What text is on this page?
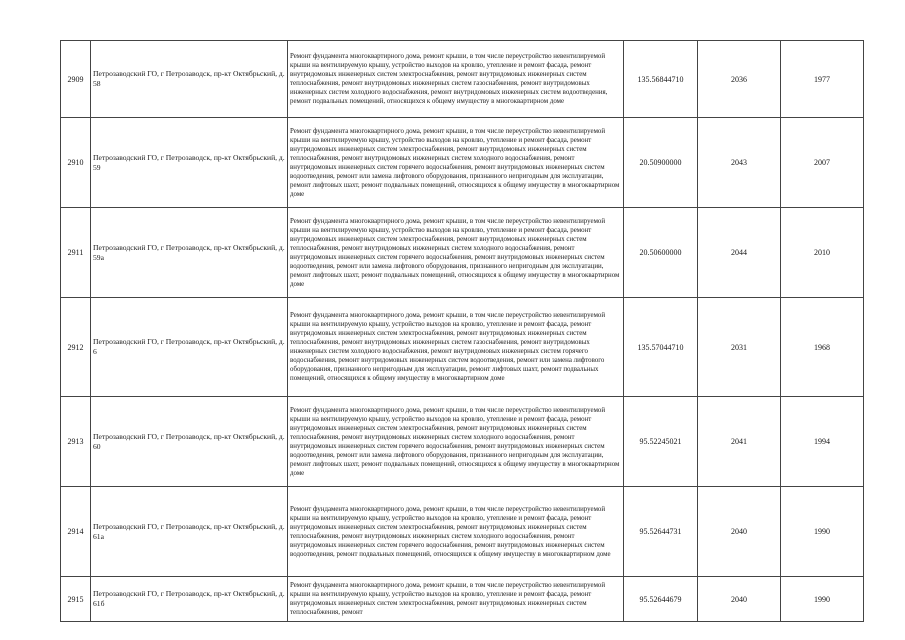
2909	Петрозаводский ГО, г Петрозаводск, пр-кт Октябрьский, д. 58	Ремонт фундамента многоквартирного дома, ремонт крыши, в том числе переустройство невентилируемой крыши на вентилируемую крышу, устройство выходов на кровлю, утепление и ремонт фасада, ремонт внутридомовых инженерных систем электроснабжения, ремонт внутридомовых инженерных систем теплоснабжения, ремонт внутридомовых инженерных систем газоснабжения, ремонт внутридомовых инженерных систем холодного водоснабжения, ремонт внутридомовых инженерных систем водоотведения, ремонт подвальных помещений, относящихся к общему имуществу в многоквартирном доме	135.56844710	2036	1977
2910	Петрозаводский ГО, г Петрозаводск, пр-кт Октябрьский, д. 59	Ремонт фундамента многоквартирного дома, ремонт крыши, в том числе переустройство невентилируемой крыши на вентилируемую крышу, устройство выходов на кровлю, утепление и ремонт фасада, ремонт внутридомовых инженерных систем электроснабжения, ремонт внутридомовых инженерных систем теплоснабжения, ремонт внутридомовых инженерных систем холодного водоснабжения, ремонт внутридомовых инженерных систем горячего водоснабжения, ремонт внутридомовых инженерных систем водоотведения, ремонт или замена лифтового оборудования, признанного непригодным для эксплуатации, ремонт лифтовых шахт, ремонт подвальных помещений, относящихся к общему имуществу в многоквартирном доме	20.50900000	2043	2007
2911	Петрозаводский ГО, г Петрозаводск, пр-кт Октябрьский, д. 59а	Ремонт фундамента многоквартирного дома, ремонт крыши, в том числе переустройство невентилируемой крыши на вентилируемую крышу, устройство выходов на кровлю, утепление и ремонт фасада, ремонт внутридомовых инженерных систем электроснабжения, ремонт внутридомовых инженерных систем теплоснабжения, ремонт внутридомовых инженерных систем холодного водоснабжения, ремонт внутридомовых инженерных систем горячего водоснабжения, ремонт внутридомовых инженерных систем водоотведения, ремонт или замена лифтового оборудования, признанного непригодным для эксплуатации, ремонт лифтовых шахт, ремонт подвальных помещений, относящихся к общему имуществу в многоквартирном доме	20.50600000	2044	2010
2912	Петрозаводский ГО, г Петрозаводск, пр-кт Октябрьский, д. 6	Ремонт фундамента многоквартирного дома, ремонт крыши, в том числе переустройство невентилируемой крыши на вентилируемую крышу, устройство выходов на кровлю, утепление и ремонт фасада, ремонт внутридомовых инженерных систем электроснабжения, ремонт внутридомовых инженерных систем теплоснабжения, ремонт внутридомовых инженерных систем газоснабжения, ремонт внутридомовых инженерных систем холодного водоснабжения, ремонт внутридомовых инженерных систем горячего водоснабжения, ремонт внутридомовых инженерных систем водоотведения, ремонт или замена лифтового оборудования, признанного непригодным для эксплуатации, ремонт лифтовых шахт, ремонт подвальных помещений, относящихся к общему имуществу в многоквартирном доме	135.57044710	2031	1968
2913	Петрозаводский ГО, г Петрозаводск, пр-кт Октябрьский, д. 60	Ремонт фундамента многоквартирного дома, ремонт крыши, в том числе переустройство невентилируемой крыши на вентилируемую крышу, устройство выходов на кровлю, утепление и ремонт фасада, ремонт внутридомовых инженерных систем электроснабжения, ремонт внутридомовых инженерных систем теплоснабжения, ремонт внутридомовых инженерных систем холодного водоснабжения, ремонт внутридомовых инженерных систем горячего водоснабжения, ремонт внутридомовых инженерных систем водоотведения, ремонт или замена лифтового оборудования, признанного непригодным для эксплуатации, ремонт лифтовых шахт, ремонт подвальных помещений, относящихся к общему имуществу в многоквартирном доме	95.52245021	2041	1994
2914	Петрозаводский ГО, г Петрозаводск, пр-кт Октябрьский, д. 61а	Ремонт фундамента многоквартирного дома, ремонт крыши, в том числе переустройство невентилируемой крыши на вентилируемую крышу, устройство выходов на кровлю, утепление и ремонт фасада, ремонт внутридомовых инженерных систем электроснабжения, ремонт внутридомовых инженерных систем теплоснабжения, ремонт внутридомовых инженерных систем холодного водоснабжения, ремонт внутридомовых инженерных систем горячего водоснабжения, ремонт внутридомовых инженерных систем водоотведения, ремонт подвальных помещений, относящихся к общему имуществу в многоквартирном доме	95.52644731	2040	1990
2915	Петрозаводский ГО, г Петрозаводск, пр-кт Октябрьский, д. 61б	Ремонт фундамента многоквартирного дома, ремонт крыши, в том числе переустройство невентилируемой крыши на вентилируемую крышу, устройство выходов на кровлю, утепление и ремонт фасада, ремонт внутридомовых инженерных систем электроснабжения, ремонт внутридомовых инженерных систем теплоснабжения, ремонт	95.52644679	2040	1990
